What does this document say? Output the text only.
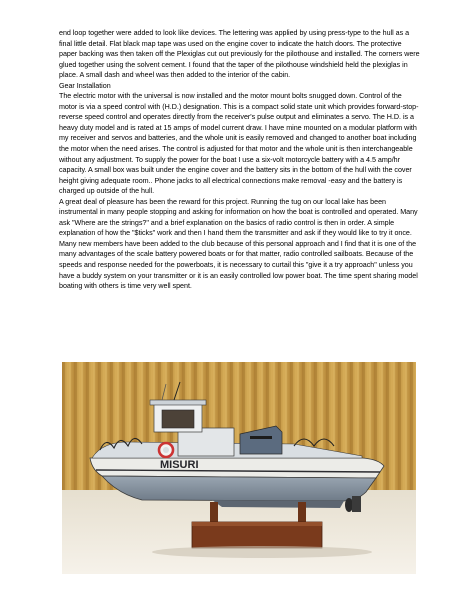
end loop together were added to look like devices. The lettering was applied by using press-type to the hull as a final little detail. Flat black map tape was used on the engine cover to indicate the hatch doors. The protective paper backing was then taken off the Plexiglas cut out previously for the pilothouse and installed. The corners were glued together using the solvent cement. I found that the taper of the pilothouse windshield held the plexiglas in place. A small dash and wheel was then added to the interior of the cabin.

Gear Installation

The electric motor with the universal is now installed and the motor mount bolts snugged down. Control of the motor is via a speed control with (H.D.) designation. This is a compact solid state unit which provides forward-stop-reverse speed control and operates directly from the receiver's pulse output and eliminates a servo. The H.D. is a heavy duty model and is rated at 15 amps of model current draw. I have mine mounted on a modular platform with my receiver and servos and batteries, and the whole unit is easily removed and changed to another boat including the motor when the need arises. The control is adjusted for that motor and the whole unit is then interchangeable without any adjustment. To supply the power for the boat I use a six-volt motorcycle battery with a 4.5 amp/hr capacity. A small box was built under the engine cover and the battery sits in the bottom of the hull with the cover height giving adequate room.. Phone jacks to all electrical connections make removal -easy and the battery is charged up outside of the hull.

A great deal of pleasure has been the reward for this project. Running the tug on our local lake has been instrumental in many people stopping and asking for information on how the boat is controlled and operated. Many ask "Where are the strings?" and a brief explanation on the basics of radio control is then in order. A simple explanation of how the "$ticks" work and then I hand them the transmitter and ask if they would like to try it once. Many new members have been added to the club because of this personal approach and I find that it is one of the many advantages of the scale battery powered boats or for that matter, radio controlled sailboats. Because of the speeds and response needed for the powerboats, it is necessary to curtail this "give it a try approach" unless you have a buddy system on your transmitter or it is an easily controlled low power boat. The time spent sharing model boating with others is time very well spent.

MISURI
